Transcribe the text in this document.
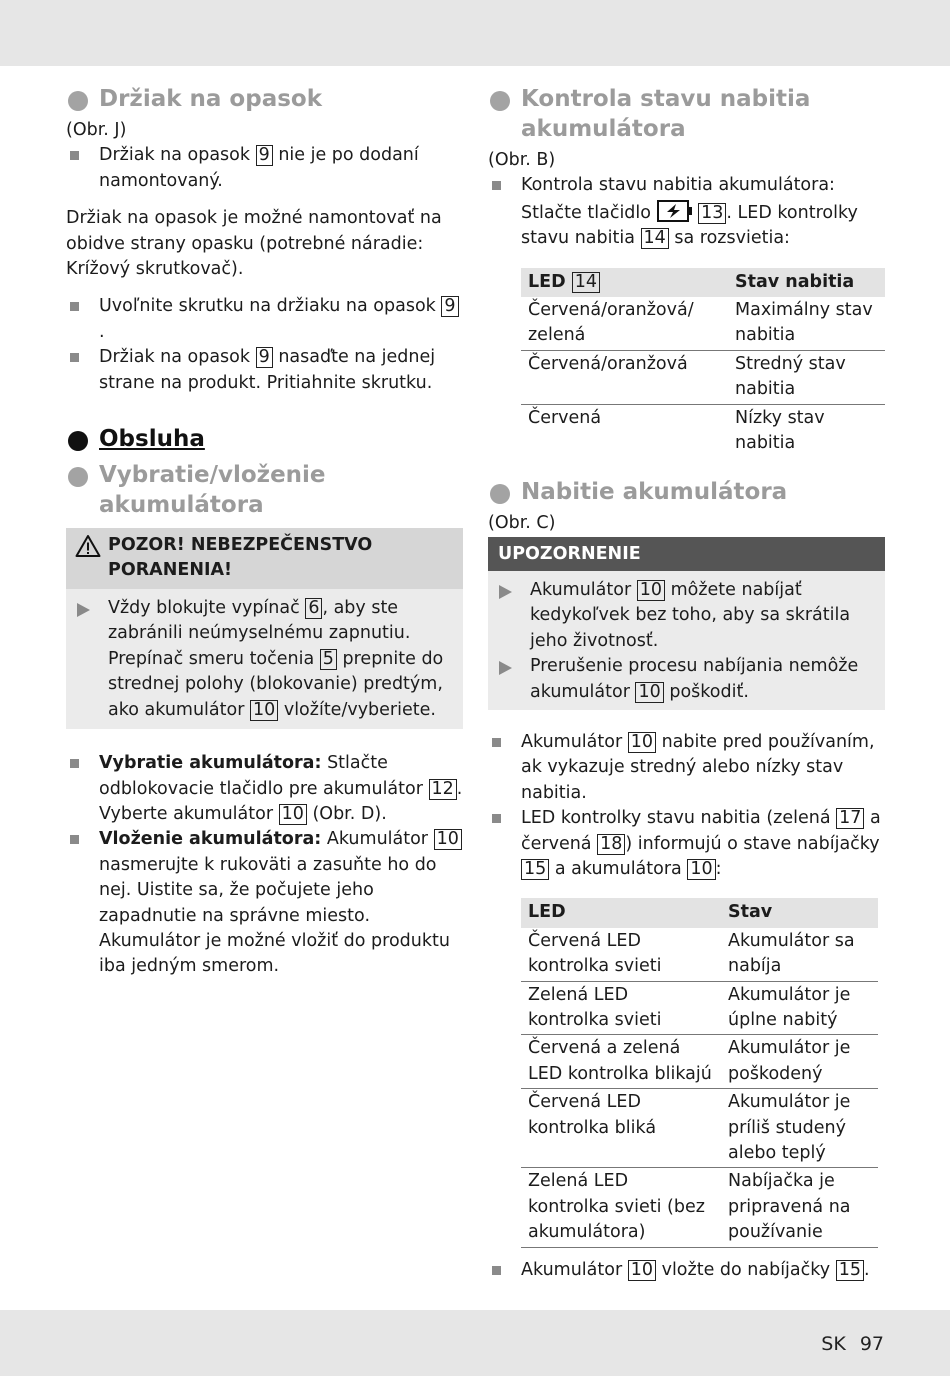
Držiak na opasok
(Obr. J)
Držiak na opasok 9 nie je po dodaní namontovaný.
Držiak na opasok je možné namontovať na obidve strany opasku (potrebné náradie: Krížový skrutkovač).
Uvoľnite skrutku na držiaku na opasok 9.
Držiak na opasok 9 nasaďte na jednej strane na produkt. Pritiahnite skrutku.
Obsluha
Vybratie/vloženie akumulátora
POZOR! NEBEZPEČENSTVO PORANENIA!
Vždy blokujte vypínač 6 , aby ste zabránili neúmyselnému zapnutiu. Prepínač smeru točenia 5 prepnite do strednej polohy (blokovanie) predtým, ako akumulátor 10 vložíte/vyberiete.
Vybratie akumulátora: Stlačte odblokovacie tlačidlo pre akumulátor 12 . Vyberte akumulátor 10 (Obr. D).
Vloženie akumulátora: Akumulátor 10 nasmerujte k rukoväti a zasuňte ho do nej. Uistite sa, že počujete jeho zapadnutie na správne miesto.
Akumulátor je možné vložiť do produktu iba jedným smerom.
Kontrola stavu nabitia akumulátora
(Obr. B)
Kontrola stavu nabitia akumulátora: Stlačte tlačidlo	13 . LED kontrolky stavu nabitia 14 sa rozsvietia:
LED 14	Stav nabitia
Červená/oranžová/ zelená	Maximálny stav nabitia
Červená/oranžová	Stredný stav nabitia
Červená	Nízky stav nabitia
Nabitie akumulátora
(Obr. C)
UPOZORNENIE
Akumulátor 10 môžete nabíjať kedykoľvek bez toho, aby sa skrátila jeho životnosť.
Prerušenie procesu nabíjania nemôže akumulátor 10 poškodiť.
Akumulátor 10 nabite pred používaním, ak vykazuje stredný alebo nízky stav nabitia.
LED kontrolky stavu nabitia (zelená 17 a červená 18 ) informujú o stave nabíjačky 15 a akumulátora 10 :
LED	Stav
Červená LED kontrolka svieti	Akumulátor sa nabíja
Zelená LED kontrolka svieti	Akumulátor je úplne nabitý
Červená a zelená LED kontrolka blikajú	Akumulátor je poškodený
Červená LED kontrolka bliká	Akumulátor je príliš studený alebo teplý
Zelená LED kontrolka svieti (bez akumulátora)	Nabíjačka je pripravená na používanie
Akumulátor 10 vložte do nabíjačky 15 .
SK 97
